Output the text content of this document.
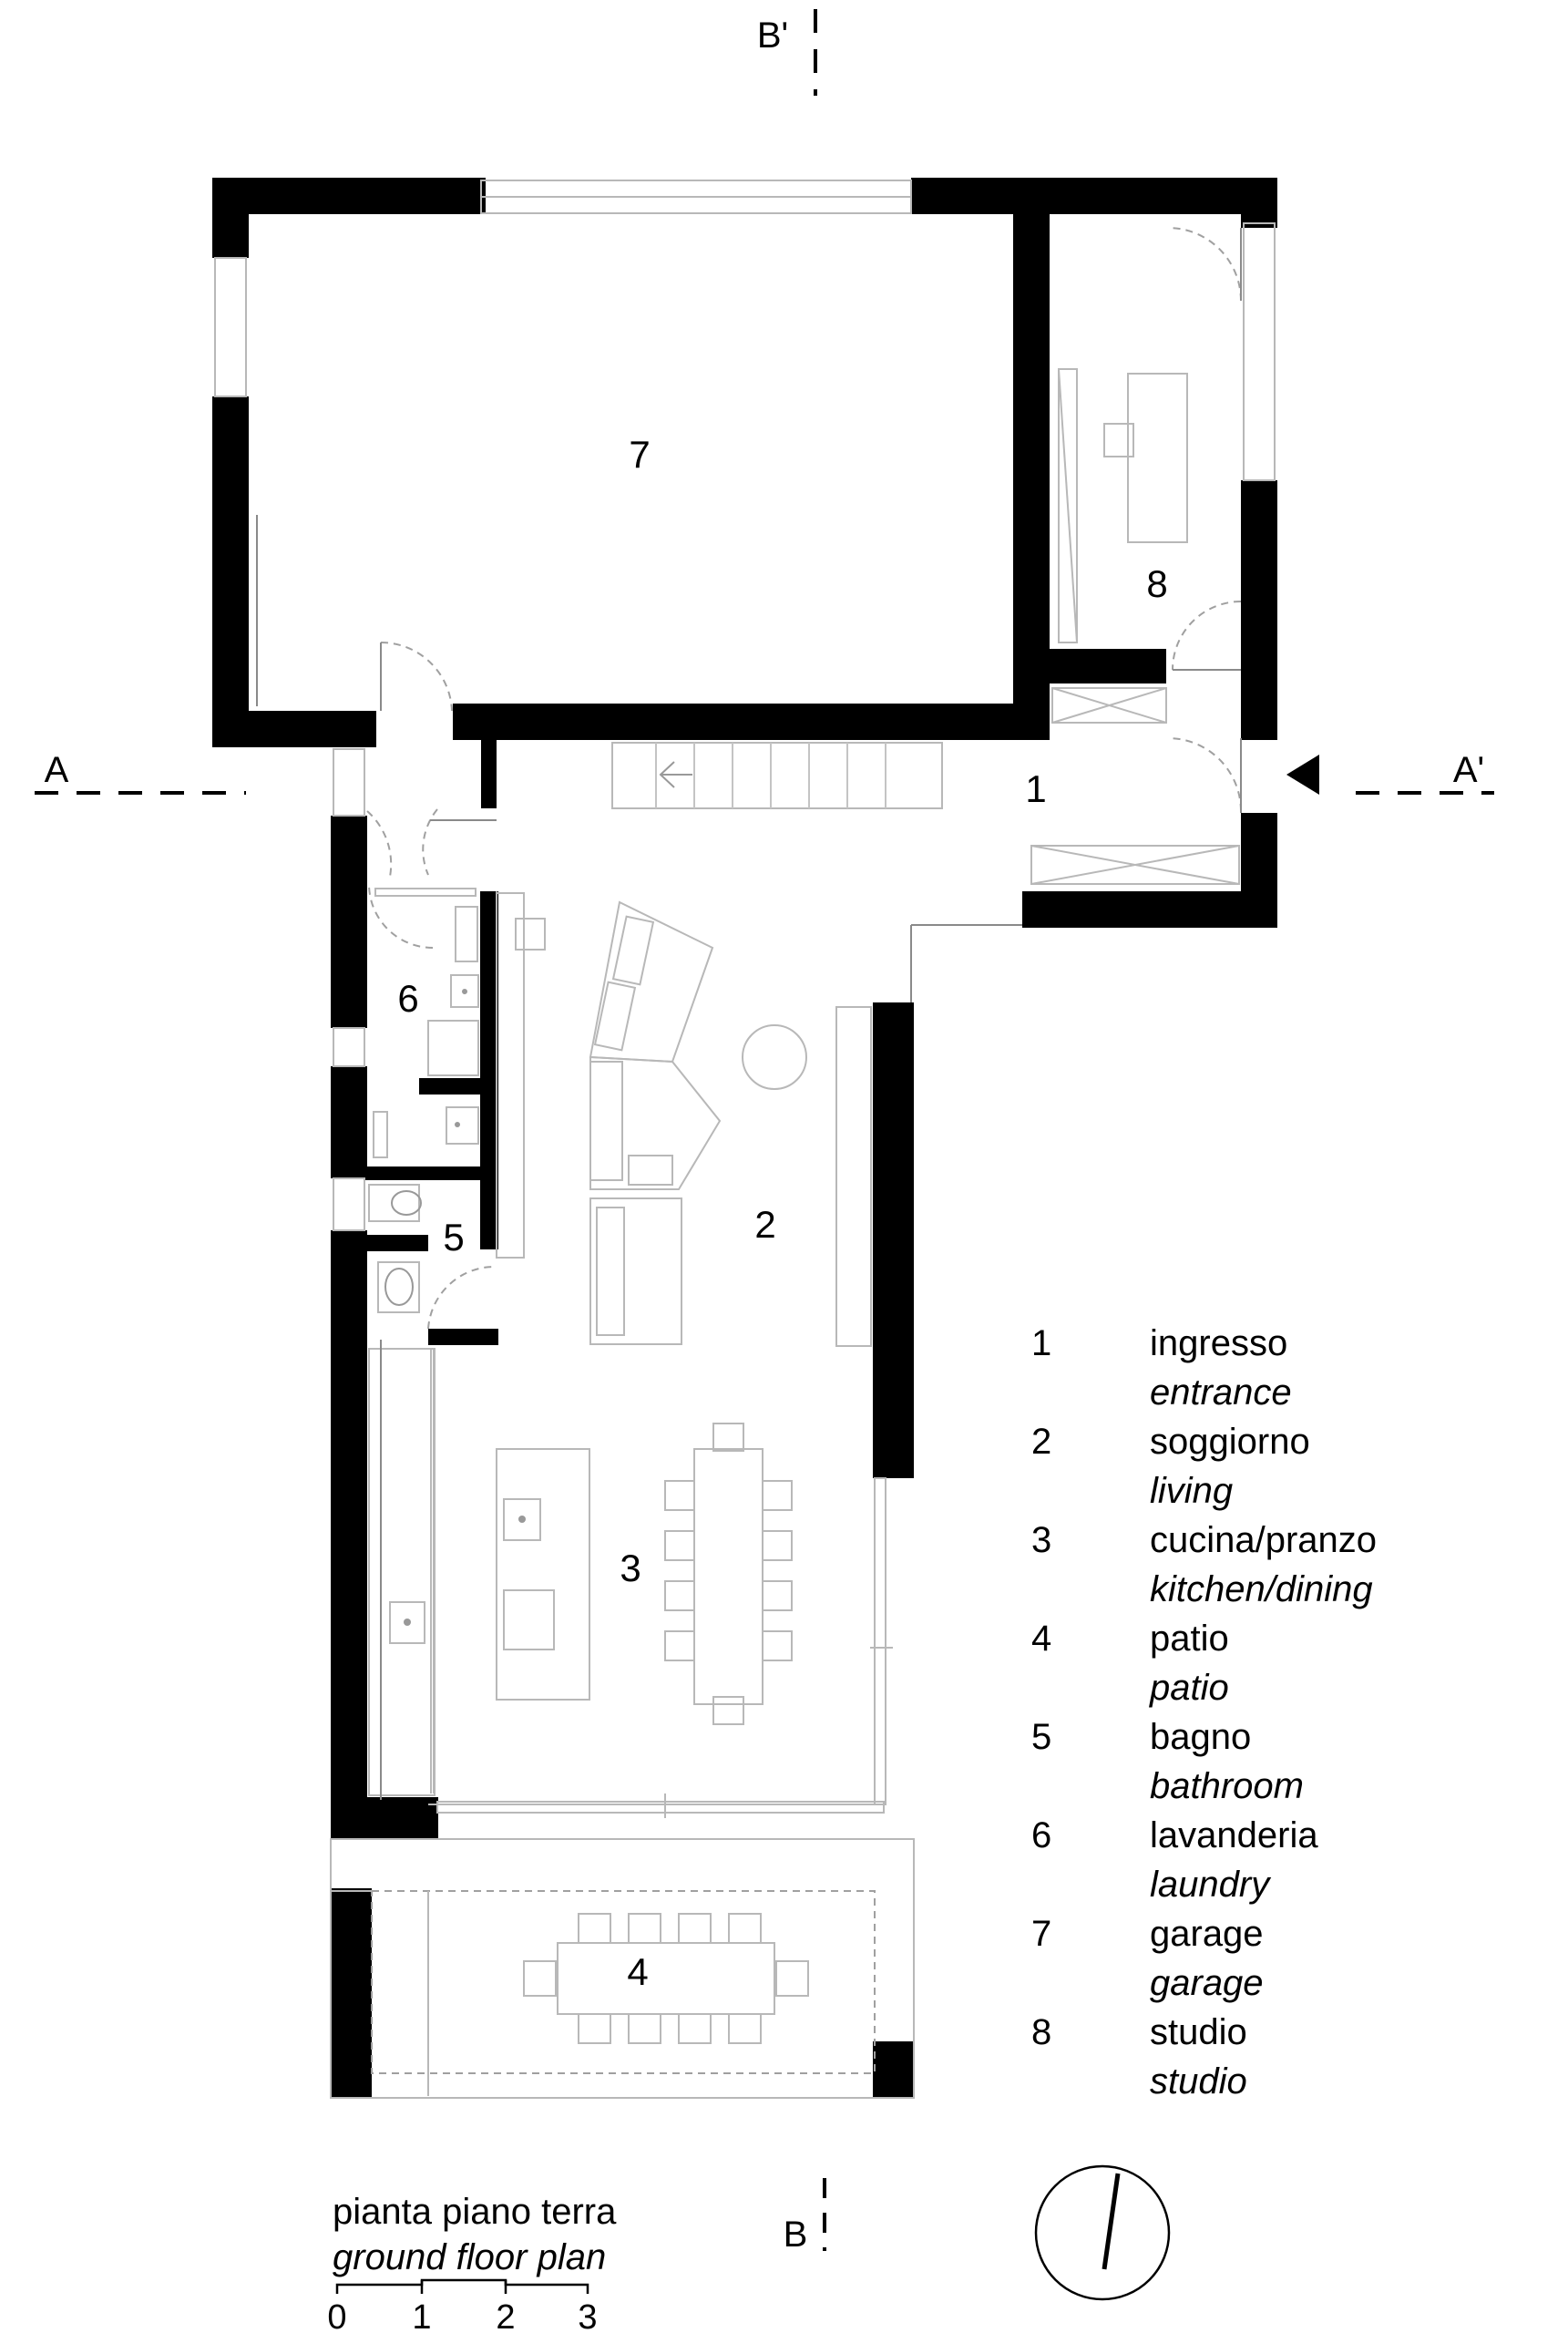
B'
A	A'
1
2
3
4
5
6
7
8
1	ingresso
entrance
2	soggiorno
living
3	cucina/pranzo
kitchen/dining
4	patio
patio
5	bagno
bathroom
6	lavanderia
laundry
7	garage
garage
8	studio
studio
B
pianta piano terra
ground floor plan
0 1 2 3
